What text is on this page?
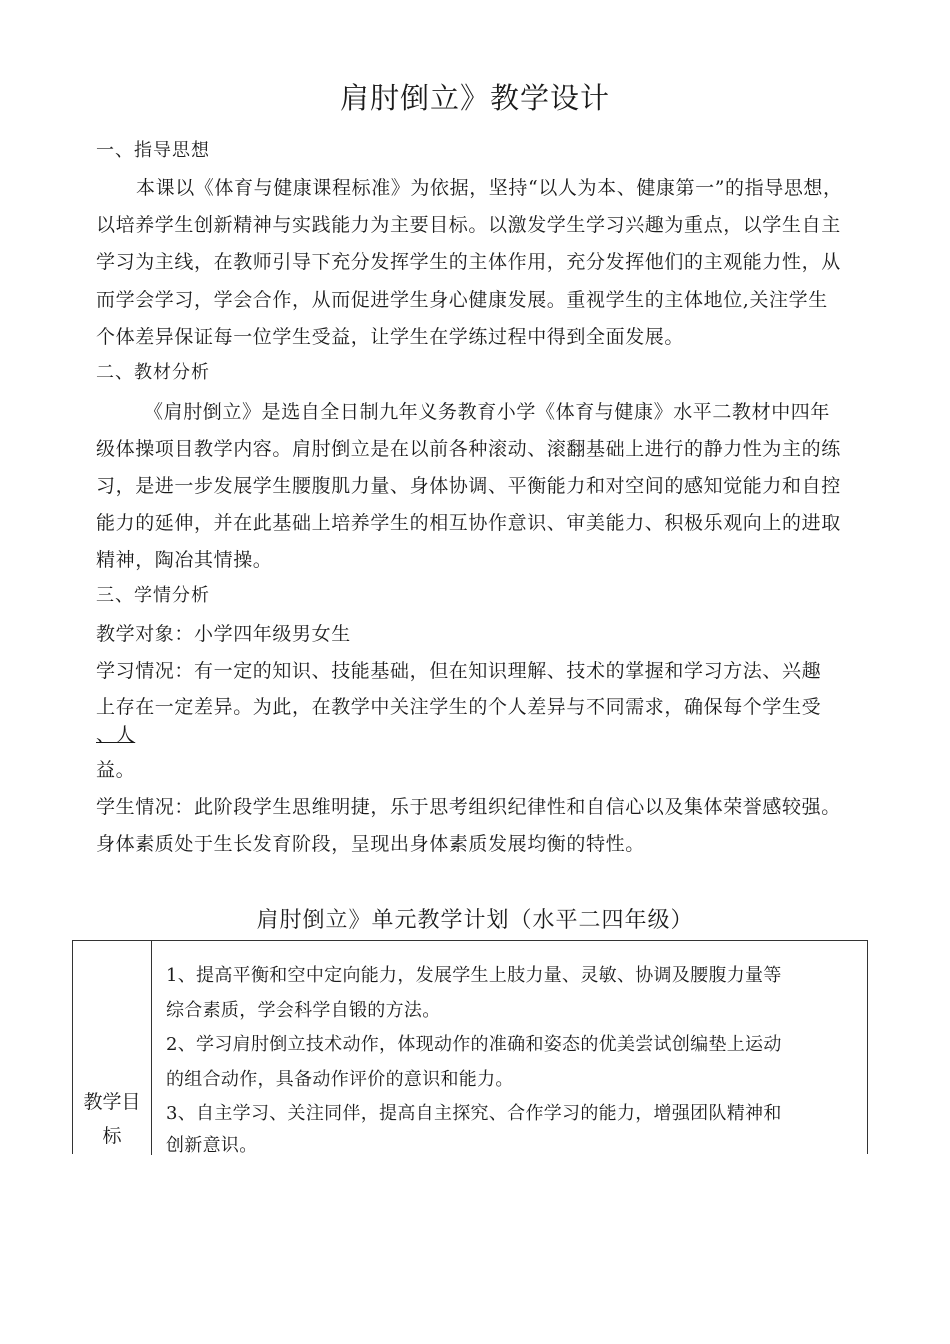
肩肘倒立》教学设计
一、指导思想
本课以《体育与健康课程标准》为依据，坚持“以人为本、健康第一”的指导思想，
以培养学生创新精神与实践能力为主要目标。以激发学生学习兴趣为重点，以学生自主
学习为主线，在教师引导下充分发挥学生的主体作用，充分发挥他们的主观能力性，从
而学会学习，学会合作，从而促进学生身心健康发展。重视学生的主体地位,关注学生
个体差异保证每一位学生受益，让学生在学练过程中得到全面发展。
二、教材分析
《肩肘倒立》是选自全日制九年义务教育小学《体育与健康》水平二教材中四年
级体操项目教学内容。肩肘倒立是在以前各种滚动、滚翻基础上进行的静力性为主的练
习，是进一步发展学生腰腹肌力量、身体协调、平衡能力和对空间的感知觉能力和自控
能力的延伸，并在此基础上培养学生的相互协作意识、审美能力、积极乐观向上的进取
精神，陶冶其情操。
三、学情分析
教学对象：小学四年级男女生
学习情况：有一定的知识、技能基础，但在知识理解、技术的掌握和学习方法、兴趣
上存在一定差异。为此，在教学中关注学生的个人差异与不同需求，确保每个学生受
、人
益。
学生情况：此阶段学生思维明捷，乐于思考组织纪律性和自信心以及集体荣誉感较强。
身体素质处于生长发育阶段，呈现出身体素质发展均衡的特性。
肩肘倒立》单元教学计划（水平二四年级）
教学目
标
1、提高平衡和空中定向能力，发展学生上肢力量、灵敏、协调及腰腹力量等
综合素质，学会科学自锻的方法。
2、学习肩肘倒立技术动作，体现动作的准确和姿态的优美尝试创编垫上运动
的组合动作，具备动作评价的意识和能力。
3、自主学习、关注同伴，提高自主探究、合作学习的能力，增强团队精神和
创新意识。
